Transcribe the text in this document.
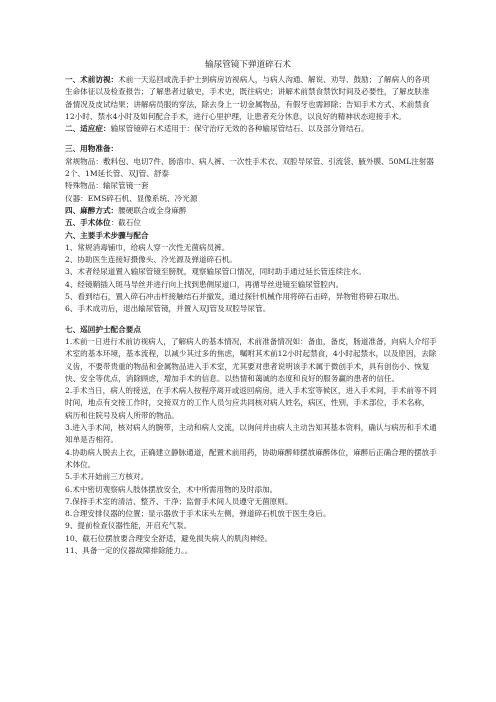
输尿管镜下弹道碎石术

一、术前访视：术前一天巡回或洗手护士到病房访视病人，与病人沟通、解说、劝导、鼓励；了解病人的各项生命体征以及检查报告；了解患者过敏史，手术史，既往病史；讲解术前禁食禁饮时间及必要性，了解皮肤准备情况及皮试结果；讲解病员服的穿法，除去身上一切金属物品，有假牙也需卸除；告知手术方式、术前禁食12小时、禁水4小时及如何配合手术，进行心里护理，让患者充分休息，以良好的精神状态迎接手术。

二、适应症：输尿管镜碎石术适用于：保守治疗无效的各种输尿管结石、以及部分肾结石。

三、用物准备：

常规物品：敷料包、电切7件、肠溶巾、病人裤、一次性手术衣、双腔导尿管、引流袋、腋外膜、50ML注射器2个、1M延长管、双J管、舒泰

特殊物品：输尿管镜一套

仪器：EMS碎石机、显像系统、冷光源

四、麻醉方式：腰硬联合或全身麻醉

五、手术体位：截石位

六、主要手术步骤与配合

1、常规消毒铺巾，给病人穿一次性无菌病员裤。

2、协助医生连接好摄像头、冷光源及弹道碎石机。

3、术者经尿道置入输尿管镜至膀胱，观察输尿管口情况，同时助手通过延长管连续注水。

4、经镜鞘插入斑马导丝并进行向上找到患侧尿道口，再循导丝进镜至输尿管腔内。

5、看到结石，置入碎石冲击杆接触结石并撤发，通过探针机械作用将碎石击碎，异物钳将碎石取出。

6、手术成功后，退出输尿管镜，并置入双J管及双腔导尿管。

七、巡回护士配合要点

1.术前一日进行术前访视病人，了解病人的基本情况，术前准备情况如：备血，备皮，肠道准备，向病人介绍手术室的基本环境，基本流程，以减少其过多的焦虑，嘱咐其术前12小时起禁食，4小时起禁水，以及原因，去除义齿，不要带贵重的物品和金属物品进入手术室，尤其要对患者说明该手术属于微创手术，具有创伤小、恢复快、安全等优点，消除顾虑，增加手术的信息。以热情和蔼诚的态度和良好的服务赢的患者的信任。

2.手术当日，病人的接送，在手术病人按程序离开或返回病房，进入手术室等候区，进入手术间，手术前等不同时间，地点有交接工作时，交接双方的工作人员匀应共同核对病人姓名，病区，性别，手术部位，手术名称，病历和住院号及病人所带的物品。

3.进入手术间，核对病人的腕带，主动和病人交流，以询问并由病人主动告知其基本资料，确认与病历和手术通知单是否相符。

4.协助病人脱去上衣，正确建立静脉通道，配置术前用药，协助麻醉师摆放麻醉体位，麻醉后正确合理的摆放手术体位。

5.手术开始前三方核对。

6.术中密切观察病人肢体摆放安全，术中所需用物的及时添加。

7.保持手术室的清洁、整齐、干净；监督手术间人员遵守无菌原则。

8.合理安排仪器的位置；显示器放于手术床头左侧，弹道碎石机放于医生身后。

9、提前检查仪器性能，开启充气泵。

10、截石位摆放要合理安全舒适，避免损失病人的肌肉神经。

11、具备一定的仪器故障排除能力。。
